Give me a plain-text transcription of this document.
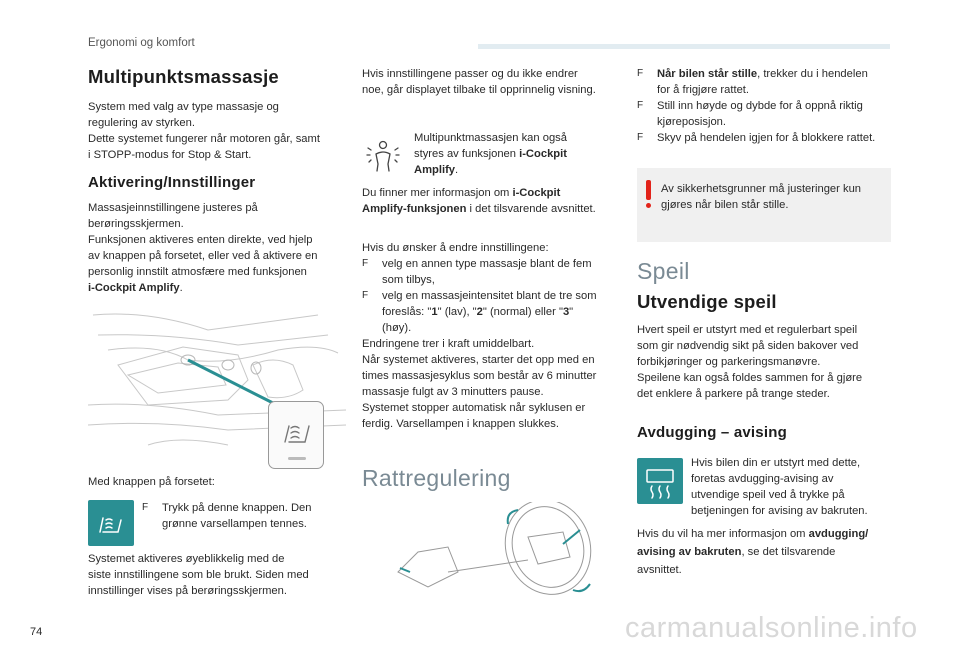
Ergonomi og komfort
74	carmanualsonline.info
Multipunktsmassasje
System med valg av type massasje og
regulering av styrken.
Dette systemet fungerer når motoren går, samt
i STOPP-modus for Stop & Start.
Aktivering/Innstillinger
Massasjeinnstillingene justeres på
berøringsskjermen.
Funksjonen aktiveres enten direkte, ved hjelp
av knappen på forsetet, eller ved å aktivere en
personlig innstilt atmosfære med funksjonen
i-Cockpit Amplify.
Med knappen på forsetet:
F Trykk på denne knappen. Den
grønne varsellampen tennes.
Systemet aktiveres øyeblikkelig med de
siste innstillingene som ble brukt. Siden med
innstillinger vises på berøringsskjermen.
Hvis innstillingene passer og du ikke endrer
noe, går displayet tilbake til opprinnelig visning.
Multipunktmassasjen kan også
styres av funksjonen i-Cockpit
Amplify.
Du finner mer informasjon om i-Cockpit
Amplify-funksjonen i det tilsvarende avsnittet.
Hvis du ønsker å endre innstillingene:
F velg en annen type massasje blant de fem
som tilbys,
F velg en massasjeintensitet blant de tre som
foreslås: "1" (lav), "2" (normal) eller "3"
(høy).
Endringene trer i kraft umiddelbart.
Når systemet aktiveres, starter det opp med en
times massasjesyklus som består av 6 minutter
massasje fulgt av 3 minutters pause.
Systemet stopper automatisk når syklusen er
ferdig. Varsellampen i knappen slukkes.
Rattregulering
F Når bilen står stille, trekker du i hendelen
for å frigjøre rattet.
F Still inn høyde og dybde for å oppnå riktig
kjøreposisjon.
F Skyv på hendelen igjen for å blokkere rattet.
Av sikkerhetsgrunner må justeringer kun
gjøres når bilen står stille.
Speil
Utvendige speil
Hvert speil er utstyrt med et regulerbart speil
som gir nødvendig sikt på siden bakover ved
forbikjøringer og parkeringsmanøvre.
Speilene kan også foldes sammen for å gjøre
det enklere å parkere på trange steder.
Avdugging – avising
Hvis bilen din er utstyrt med dette,
foretas avdugging-avising av
utvendige speil ved å trykke på
betjeningen for avising av bakruten.
Hvis du vil ha mer informasjon om avdugging/
avising av bakruten, se det tilsvarende
avsnittet.
